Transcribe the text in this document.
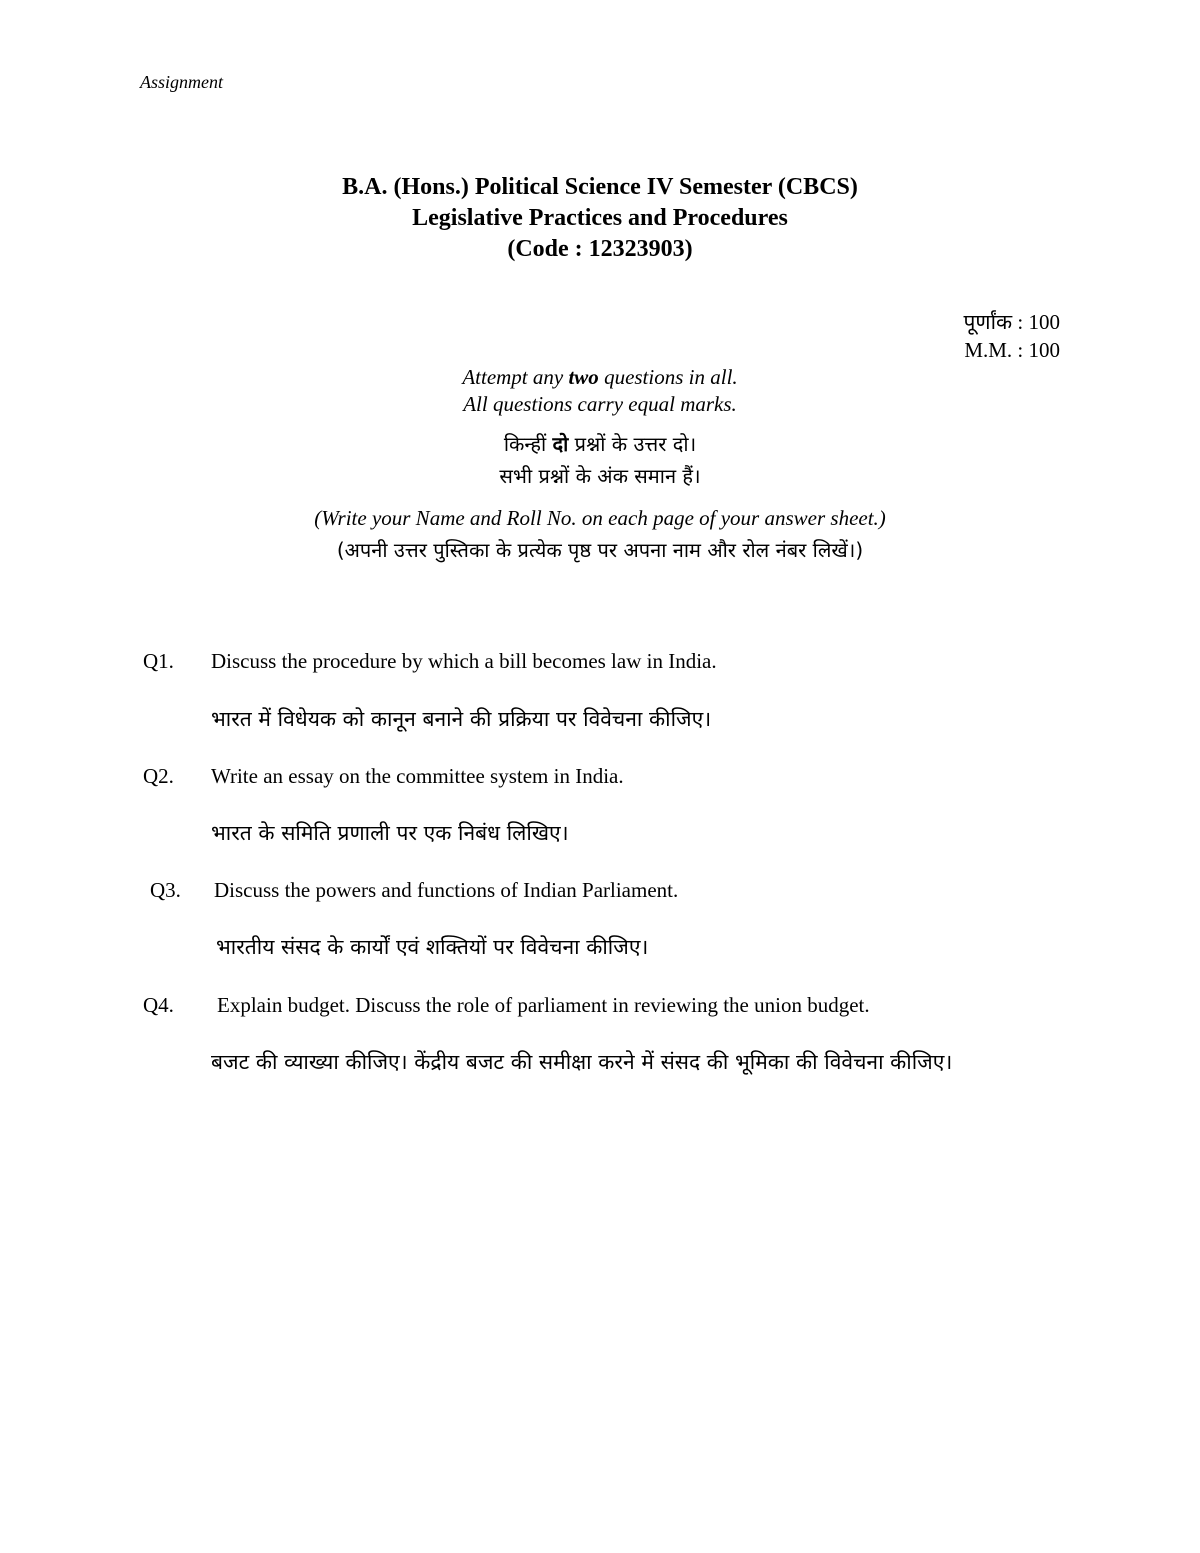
Assignment
B.A. (Hons.) Political Science IV Semester (CBCS)
Legislative Practices and Procedures
(Code : 12323903)
पूर्णांक : 100
M.M. : 100
Attempt any two questions in all.
All questions carry equal marks.
किन्हीं दो प्रश्नों के उत्तर दो।
सभी प्रश्नों के अंक समान हैं।
(Write your Name and Roll No. on each page of your answer sheet.)
(अपनी उत्तर पुस्तिका के प्रत्येक पृष्ठ पर अपना नाम और रोल नंबर लिखें।)
Q1. Discuss the procedure by which a bill becomes law in India.
भारत में विधेयक को कानून बनाने की प्रक्रिया पर विवेचना कीजिए।
Q2. Write an essay on the committee system in India.
भारत के समिति प्रणाली पर एक निबंध लिखिए।
Q3. Discuss the powers and functions of Indian Parliament.
भारतीय संसद के कार्यों एवं शक्तियों पर विवेचना कीजिए।
Q4. Explain budget. Discuss the role of parliament in reviewing the union budget.
बजट की व्याख्या कीजिए। केंद्रीय बजट की समीक्षा करने में संसद की भूमिका की विवेचना कीजिए।
